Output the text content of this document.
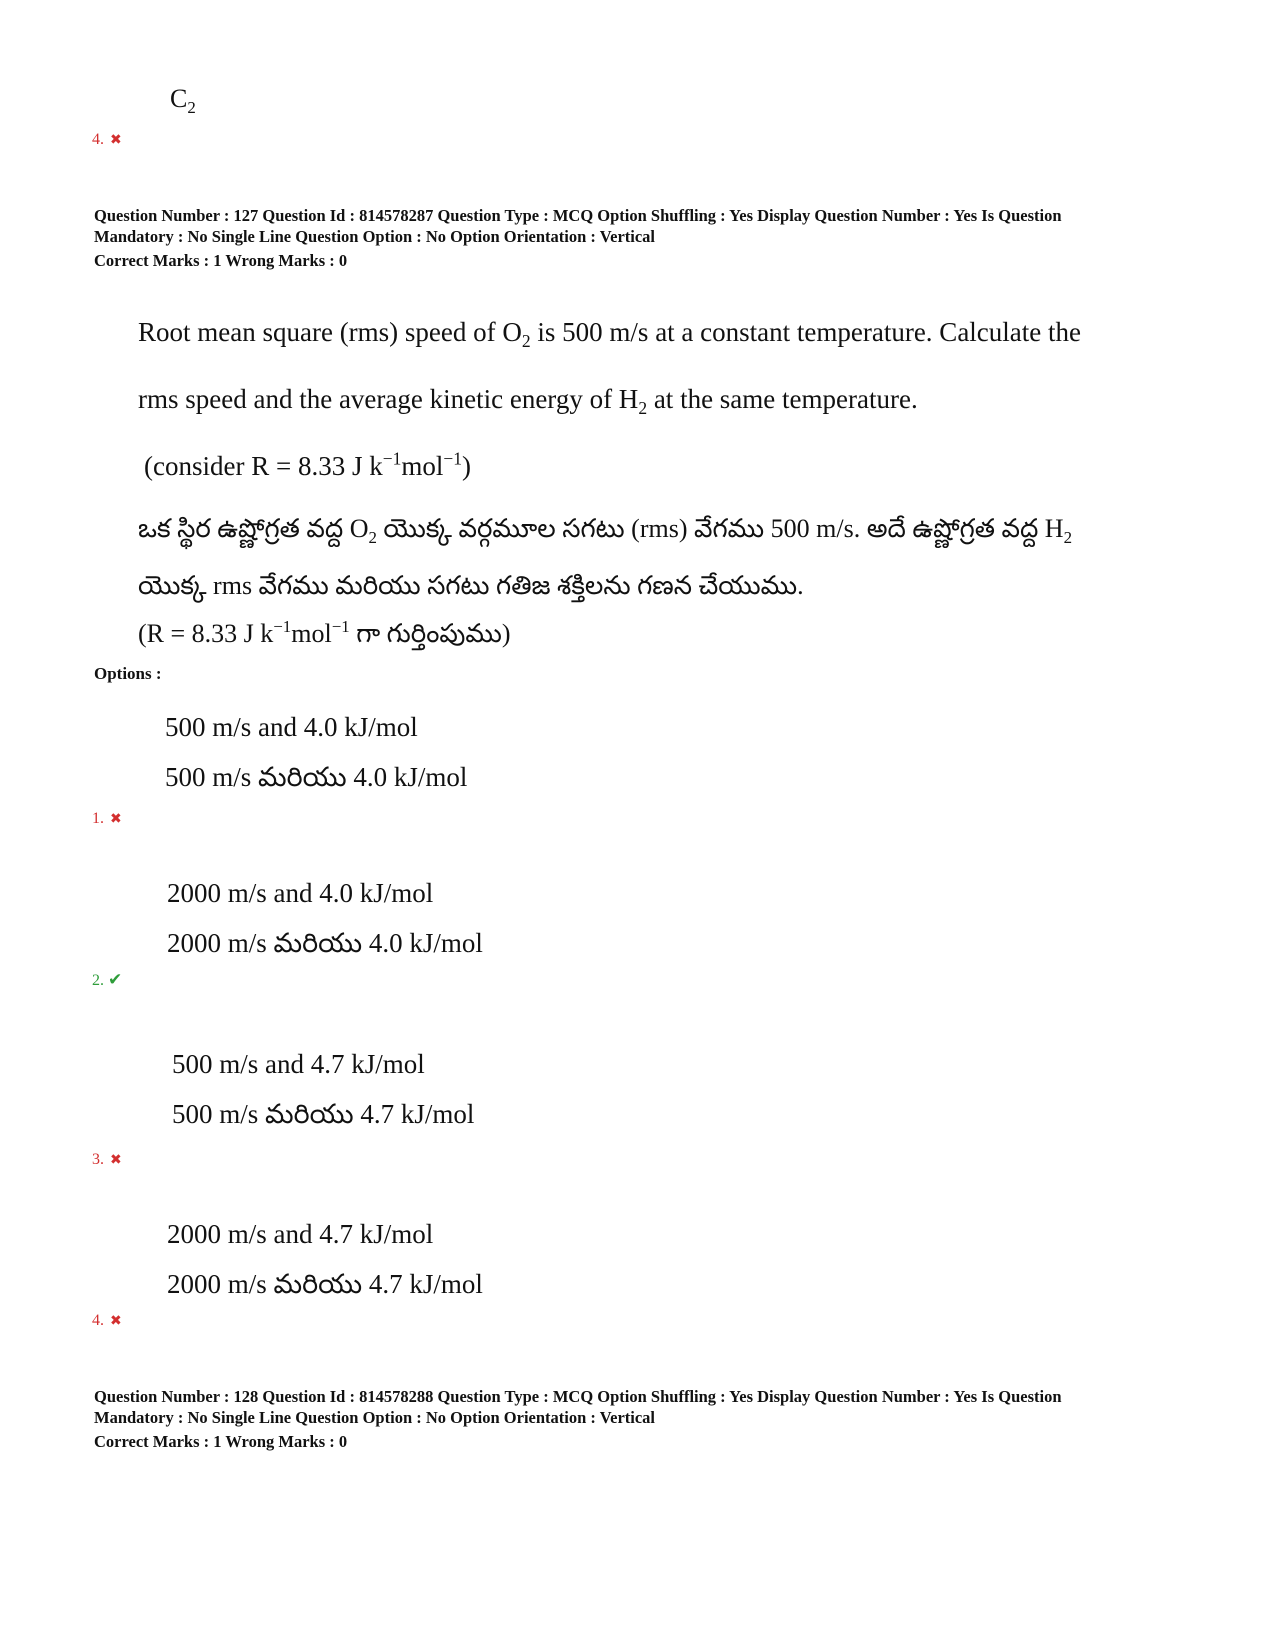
$C_2$
4. ✖
Question Number : 127 Question Id : 814578287 Question Type : MCQ Option Shuffling : Yes Display Question Number : Yes Is Question
Mandatory : No Single Line Question Option : No Option Orientation : Vertical
Correct Marks : 1 Wrong Marks : 0
Root mean square (rms) speed of $O_2$ is 500 m/s at a constant temperature. Calculate the
rms speed and the average kinetic energy of $H_2$ at the same temperature.
(consider R = 8.33 J $k^{-1}mol^{-1}$)
ఒక స్థిర ఉష్ణోగ్రత వద్ద $O_2$ యొక్క వర్గమూల సగటు (rms) వేగము 500 m/s. అదే ఉష్ణోగ్రత వద్ద $H_2$
యొక్క rms వేగము మరియు సగటు గతిజ శక్తిలను గణన చేయుము.
(R = 8.33 J $k^{-1}mol^{-1}$ గా గుర్తింపుము)
Options :
500 m/s and 4.0 kJ/mol
500 m/s మరియు 4.0 kJ/mol
1. ✖
2000 m/s and 4.0 kJ/mol
2000 m/s మరియు 4.0 kJ/mol
2. ✔
500 m/s and 4.7 kJ/mol
500 m/s మరియు 4.7 kJ/mol
3. ✖
2000 m/s and 4.7 kJ/mol
2000 m/s మరియు 4.7 kJ/mol
4. ✖
Question Number : 128 Question Id : 814578288 Question Type : MCQ Option Shuffling : Yes Display Question Number : Yes Is Question
Mandatory : No Single Line Question Option : No Option Orientation : Vertical
Correct Marks : 1 Wrong Marks : 0
